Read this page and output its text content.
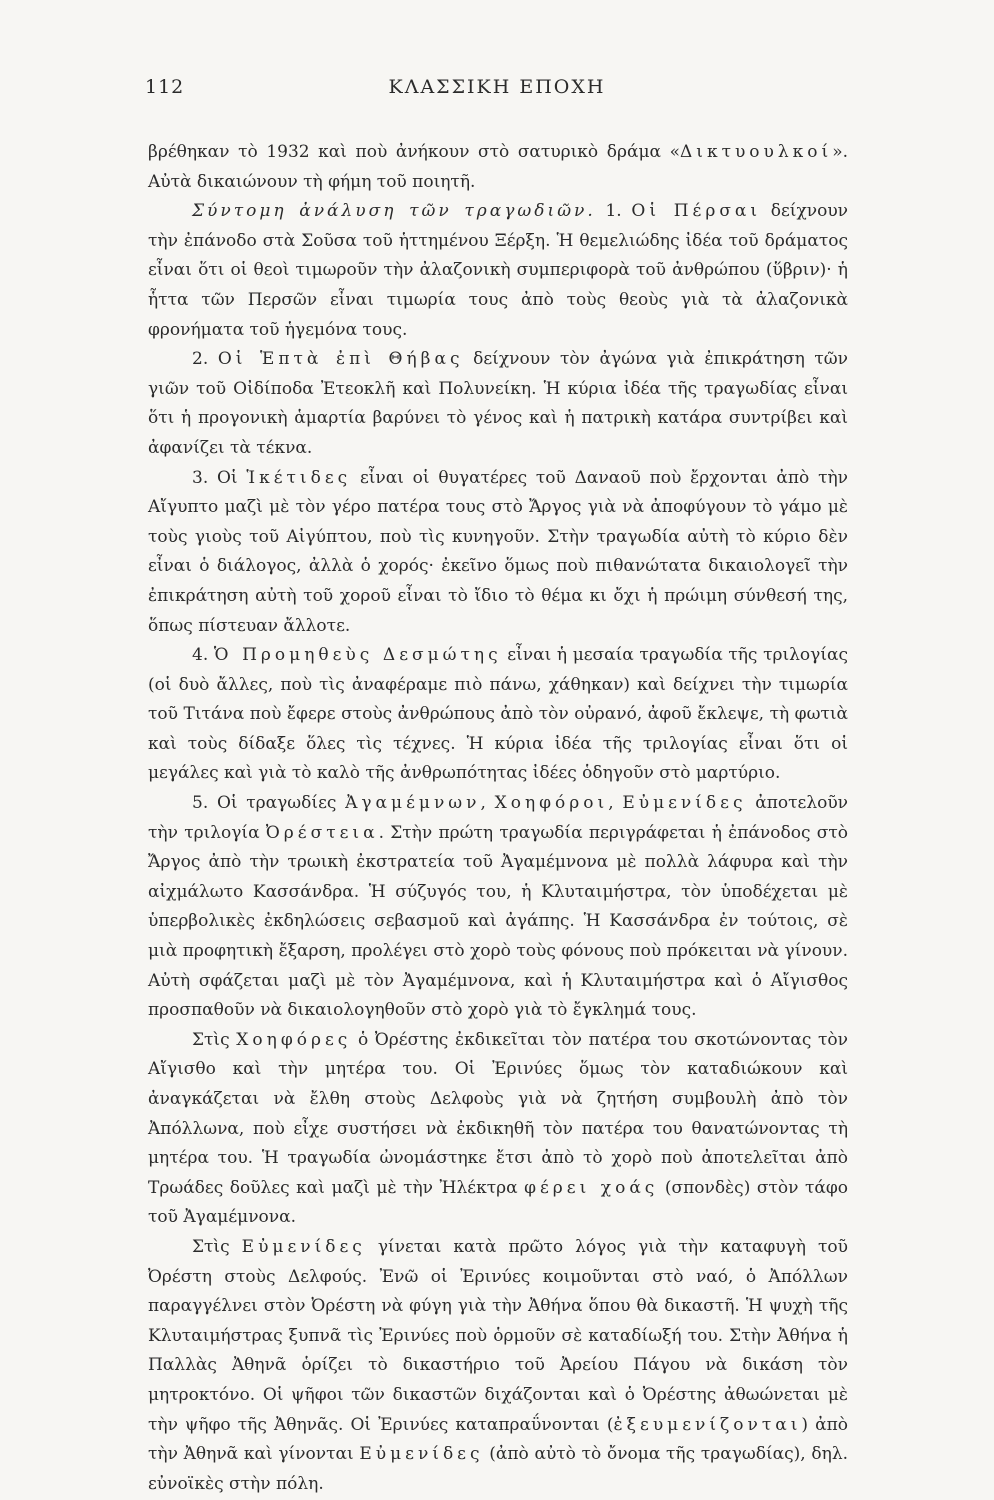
112	ΚΛΑΣΣΙΚΗ ΕΠΟΧΗ

βρέθηκαν τὸ 1932 καὶ ποὺ ἀνήκουν στὸ σατυρικὸ δράμα «Δικτυουλκοί». Αὐτὰ δικαιώνουν τὴ φήμη τοῦ ποιητῆ.

Σύντομη ἀνάλυση τῶν τραγωδιῶν. 1. Οἱ Πέρσαι δείχνουν τὴν ἐπάνοδο στὰ Σοῦσα τοῦ ἡττημένου Ξέρξη. Ἡ θεμελιώδης ἰδέα τοῦ δράματος εἶναι ὅτι οἱ θεοὶ τιμωροῦν τὴν ἀλαζονικὴ συμπεριφορὰ τοῦ ἀνθρώπου (ὕβριν)· ἡ ἧττα τῶν Περσῶν εἶναι τιμωρία τους ἀπὸ τοὺς θεοὺς γιὰ τὰ ἀλαζονικὰ φρονήματα τοῦ ἡγεμόνα τους.

2. Οἱ Ἑπτὰ ἐπὶ Θήβας δείχνουν τὸν ἀγώνα γιὰ ἐπικράτηση τῶν γιῶν τοῦ Οἰδίποδα Ἐτεοκλῆ καὶ Πολυνείκη. Ἡ κύρια ἰδέα τῆς τραγωδίας εἶναι ὅτι ἡ προγονικὴ ἁμαρτία βαρύνει τὸ γένος καὶ ἡ πατρικὴ κατάρα συντρίβει καὶ ἀφανίζει τὰ τέκνα.

3. Οἱ Ἱκέτιδες εἶναι οἱ θυγατέρες τοῦ Δαναοῦ ποὺ ἔρχονται ἀπὸ τὴν Αἴγυπτο μαζὶ μὲ τὸν γέρο πατέρα τους στὸ Ἄργος γιὰ νὰ ἀποφύγουν τὸ γάμο μὲ τοὺς γιοὺς τοῦ Αἰγύπτου, ποὺ τὶς κυνηγοῦν. Στὴν τραγωδία αὐτὴ τὸ κύριο δὲν εἶναι ὁ διάλογος, ἀλλὰ ὁ χορός· ἐκεῖνο ὅμως ποὺ πιθανώτατα δικαιολογεῖ τὴν ἐπικράτηση αὐτὴ τοῦ χοροῦ εἶναι τὸ ἴδιο τὸ θέμα κι ὄχι ἡ πρώιμη σύνθεσή της, ὅπως πίστευαν ἄλλοτε.

4. Ὁ Προμηθεὺς Δεσμώτης εἶναι ἡ μεσαία τραγωδία τῆς τριλογίας (οἱ δυὸ ἄλλες, ποὺ τὶς ἀναφέραμε πιὸ πάνω, χάθηκαν) καὶ δείχνει τὴν τιμωρία τοῦ Τιτάνα ποὺ ἔφερε στοὺς ἀνθρώπους ἀπὸ τὸν οὐρανό, ἀφοῦ ἔκλεψε, τὴ φωτιὰ καὶ τοὺς δίδαξε ὅλες τὶς τέχνες. Ἡ κύρια ἰδέα τῆς τριλογίας εἶναι ὅτι οἱ μεγάλες καὶ γιὰ τὸ καλὸ τῆς ἀνθρωπότητας ἰδέες ὁδηγοῦν στὸ μαρτύριο.

5. Οἱ τραγωδίες Ἀγαμέμνων, Χοηφόροι, Εὐμενίδες ἀποτελοῦν τὴν τριλογία Ὀρέστεια. Στὴν πρώτη τραγωδία περιγράφεται ἡ ἐπάνοδος στὸ Ἄργος ἀπὸ τὴν τρωικὴ ἐκστρατεία τοῦ Ἀγαμέμνονα μὲ πολλὰ λάφυρα καὶ τὴν αἰχμάλωτο Κασσάνδρα. Ἡ σύζυγός του, ἡ Κλυταιμήστρα, τὸν ὑποδέχεται μὲ ὑπερβολικὲς ἐκδηλώσεις σεβασμοῦ καὶ ἀγάπης. Ἡ Κασσάνδρα ἐν τούτοις, σὲ μιὰ προφητικὴ ἔξαρση, προλέγει στὸ χορὸ τοὺς φόνους ποὺ πρόκειται νὰ γίνουν. Αὐτὴ σφάζεται μαζὶ μὲ τὸν Ἀγαμέμνονα, καὶ ἡ Κλυταιμήστρα καὶ ὁ Αἴγισθος προσπαθοῦν νὰ δικαιολογηθοῦν στὸ χορὸ γιὰ τὸ ἔγκλημά τους.

Στὶς Χοηφόρες ὁ Ὀρέστης ἐκδικεῖται τὸν πατέρα του σκοτώνοντας τὸν Αἴγισθο καὶ τὴν μητέρα του. Οἱ Ἐρινύες ὅμως τὸν καταδιώκουν καὶ ἀναγκάζεται νὰ ἔλθη στοὺς Δελφοὺς γιὰ νὰ ζητήση συμβουλὴ ἀπὸ τὸν Ἀπόλλωνα, ποὺ εἶχε συστήσει νὰ ἐκδικηθῆ τὸν πατέρα του θανατώνοντας τὴ μητέρα του. Ἡ τραγωδία ὠνομάστηκε ἔτσι ἀπὸ τὸ χορὸ ποὺ ἀποτελεῖται ἀπὸ Τρωάδες δοῦλες καὶ μαζὶ μὲ τὴν Ἠλέκτρα φέρει χοάς (σπονδὲς) στὸν τάφο τοῦ Ἀγαμέμνονα.

Στὶς Εὐμενίδες γίνεται κατὰ πρῶτο λόγος γιὰ τὴν καταφυγὴ τοῦ Ὀρέστη στοὺς Δελφούς. Ἐνῶ οἱ Ἐρινύες κοιμοῦνται στὸ ναό, ὁ Ἀπόλλων παραγγέλνει στὸν Ὀρέστη νὰ φύγη γιὰ τὴν Ἀθήνα ὅπου θὰ δικαστῆ. Ἡ ψυχὴ τῆς Κλυταιμήστρας ξυπνᾶ τὶς Ἐρινύες ποὺ ὁρμοῦν σὲ καταδίωξή του. Στὴν Ἀθήνα ἡ Παλλὰς Ἀθηνᾶ ὁρίζει τὸ δικαστήριο τοῦ Ἀρείου Πάγου νὰ δικάση τὸν μητροκτόνο. Οἱ ψῆφοι τῶν δικαστῶν διχάζονται καὶ ὁ Ὀρέστης ἀθωώνεται μὲ τὴν ψῆφο τῆς Ἀθηνᾶς. Οἱ Ἐρινύες καταπραΰνονται (ἐξευμενίζονται) ἀπὸ τὴν Ἀθηνᾶ καὶ γίνονται Εὐμενίδες (ἀπὸ αὐτὸ τὸ ὄνομα τῆς τραγωδίας), δηλ. εὐνοϊκὲς στὴν πόλη.
